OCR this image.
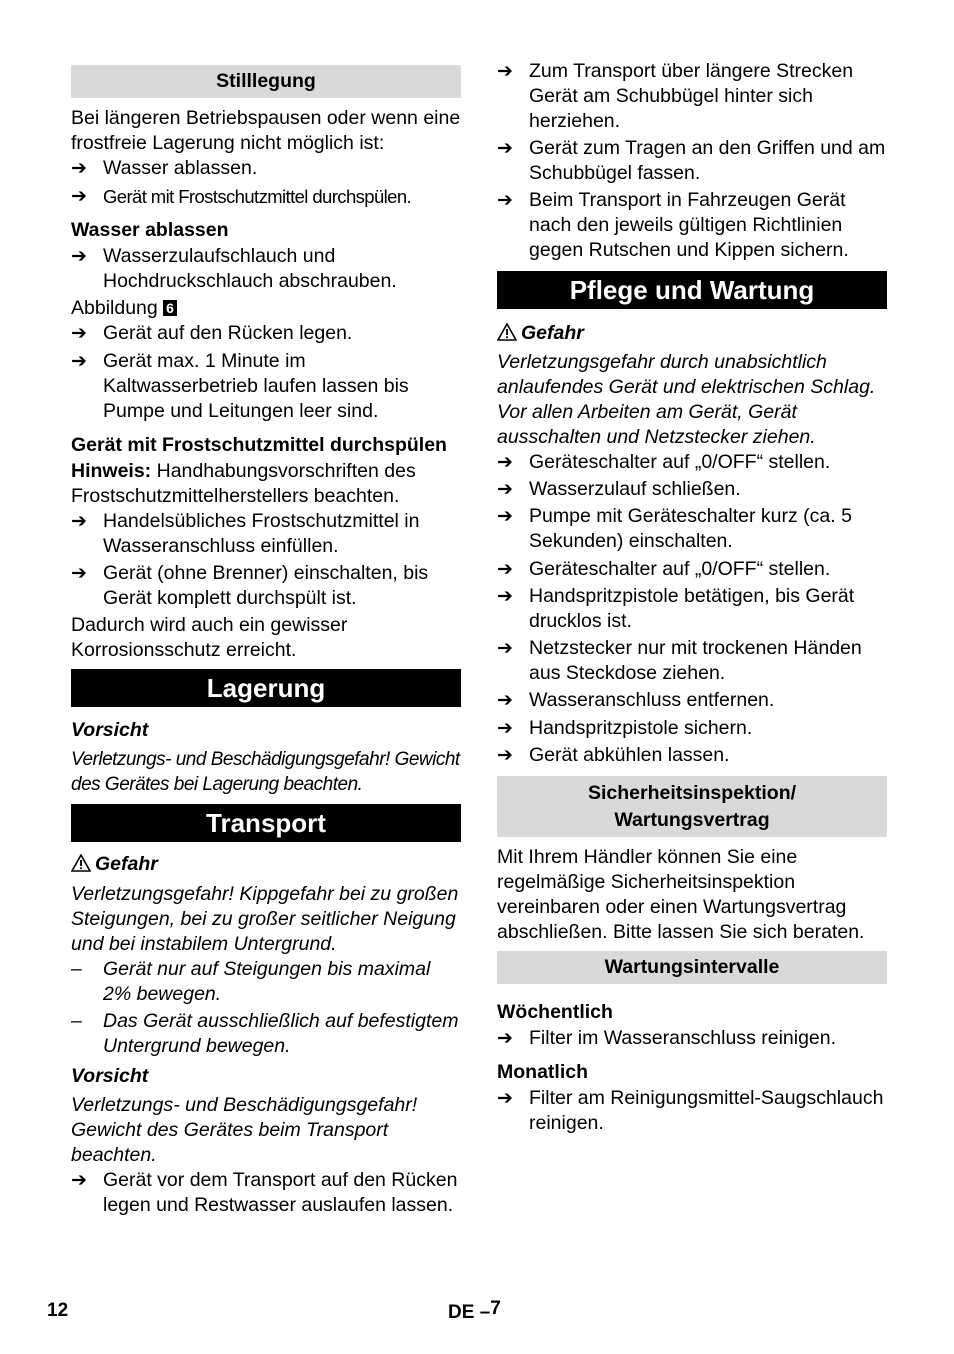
Stilllegung

Bei längeren Betriebspausen oder wenn eine frostfreie Lagerung nicht möglich ist:

➔ Wasser ablassen.
➔ Gerät mit Frostschutzmittel durchspülen.

Wasser ablassen

➔ Wasserzulaufschlauch und Hochdruckschlauch abschrauben.

Abbildung 6

➔ Gerät auf den Rücken legen.
➔ Gerät max. 1 Minute im Kaltwasserbetrieb laufen lassen bis Pumpe und Leitungen leer sind.

Gerät mit Frostschutzmittel durchspülen

Hinweis: Handhabungsvorschriften des Frostschutzmittelherstellers beachten.

➔ Handelsübliches Frostschutzmittel in Wasseranschluss einfüllen.
➔ Gerät (ohne Brenner) einschalten, bis Gerät komplett durchspült ist.

Dadurch wird auch ein gewisser Korrosionsschutz erreicht.

Lagerung

Vorsicht

Verletzungs- und Beschädigungsgefahr! Gewicht des Gerätes bei Lagerung beachten.

Transport

Gefahr

Verletzungsgefahr! Kippgefahr bei zu großen Steigungen, bei zu großer seitlicher Neigung und bei instabilem Untergrund.

–	Gerät nur auf Steigungen bis maximal 2% bewegen.
–	Das Gerät ausschließlich auf befestigtem Untergrund bewegen.

Vorsicht

Verletzungs- und Beschädigungsgefahr! Gewicht des Gerätes beim Transport beachten.

➔ Gerät vor dem Transport auf den Rücken legen und Restwasser auslaufen lassen.
➔ Zum Transport über längere Strecken Gerät am Schubbügel hinter sich herziehen.
➔ Gerät zum Tragen an den Griffen und am Schubbügel fassen.
➔ Beim Transport in Fahrzeugen Gerät nach den jeweils gültigen Richtlinien gegen Rutschen und Kippen sichern.
Pflege und Wartung

Gefahr

Verletzungsgefahr durch unabsichtlich anlaufendes Gerät und elektrischen Schlag. Vor allen Arbeiten am Gerät, Gerät ausschalten und Netzstecker ziehen.

➔ Geräteschalter auf „0/OFF“ stellen.
➔ Wasserzulauf schließen.
➔ Pumpe mit Geräteschalter kurz (ca. 5 Sekunden) einschalten.
➔ Geräteschalter auf „0/OFF“ stellen.
➔ Handspritzpistole betätigen, bis Gerät drucklos ist.
➔ Netzstecker nur mit trockenen Händen aus Steckdose ziehen.
➔ Wasseranschluss entfernen.
➔ Handspritzpistole sichern.
➔ Gerät abkühlen lassen.
Sicherheitsinspektion/
Wartungsvertrag

Mit Ihrem Händler können Sie eine regelmäßige Sicherheitsinspektion vereinbaren oder einen Wartungsvertrag abschließen. Bitte lassen Sie sich beraten.

Wartungsintervalle

Wöchentlich

➔ Filter im Wasseranschluss reinigen.

Monatlich

➔ Filter am Reinigungsmittel-Saugschlauch reinigen.
12	DE –7
